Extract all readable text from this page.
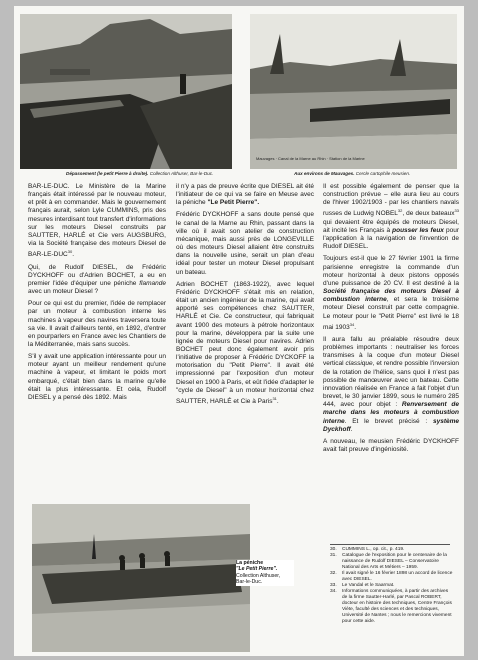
Dépassement (le petit Pierre à droite). Collection Althuser, Bar-le-Duc.
Mauvages · Canal de la Marne au Rhin · Station de la Marine
Aux environs de Mauvages. Cercle cartophile meusien.

BAR-LE-DUC. Le Ministère de la Marine français était intéressé par le nouveau moteur, et prêt à en commander. Mais le gouvernement français aurait, selon Lyle CUMMINS, pris des mesures interdisant tout transfert d'informations sur les moteurs Diesel construits par SAUTTER, HARLÉ et Cie vers AUGSBURG, via la Société française des moteurs Diesel de BAR-LE-DUC$^{30}$.

Qui, de Rudolf DIESEL, de Frédéric DYCKHOFF ou d'Adrien BOCHET, a eu en premier l'idée d'équiper une péniche flamande avec un moteur Diesel ?

Pour ce qui est du premier, l'idée de remplacer par un moteur à combustion interne les machines à vapeur des navires traversera toute sa vie. Il avait d'ailleurs tenté, en 1892, d'entrer en pourparlers en France avec les Chantiers de la Méditerranée, mais sans succès.

S'il y avait une application intéressante pour un moteur ayant un meilleur rendement qu'une machine à vapeur, et limitant le poids mort embarqué, c'était bien dans la marine qu'elle était la plus intéressante. Et cela, Rudolf DIESEL y a pensé dès 1892. Mais

il n'y a pas de preuve écrite que DIESEL ait été l'initiateur de ce qui va se faire en Meuse avec la péniche "Le Petit Pierre".

Frédéric DYCKHOFF a sans doute pensé que le canal de la Marne au Rhin, passant dans la ville où il avait son atelier de construction mécanique, mais aussi près de LONGEVILLE où des moteurs Diesel allaient être construits dans la nouvelle usine, serait un plan d'eau idéal pour tester un moteur Diesel propulsant un bateau.

Adrien BOCHET (1863-1922), avec lequel Frédéric DYCKHOFF s'était mis en relation, était un ancien ingénieur de la marine, qui avait apporté ses compétences chez SAUTTER, HARLÉ et Cie. Ce constructeur, qui fabriquait avant 1900 des moteurs à pétrole horizontaux pour la marine, développera par la suite une lignée de moteurs Diesel pour navires. Adrien BOCHET peut donc également avoir pris l'initiative de proposer à Frédéric DYCKOFF la motorisation du "Petit Pierre". Il avait été impressionné par l'exposition d'un moteur Diesel en 1900 à Paris, et eût l'idée d'adapter le "cycle de Diesel" à un moteur horizontal chez SAUTTER, HARLÉ et Cie à Paris$^{31}$.

Il est possible également de penser que la construction prévue – elle aura lieu au cours de l'hiver 1902/1903 - par les chantiers navals russes de Ludwig NOBEL$^{32}$, de deux bateaux$^{33}$ qui devaient être équipés de moteurs Diesel, ait incité les Français à pousser les feux pour l'application à la navigation de l'invention de Rudolf DIESEL.

Toujours est-il que le 27 février 1901 la firme parisienne enregistre la commande d'un moteur horizontal à deux pistons opposés d'une puissance de 20 CV. Il est destiné à la Société française des moteurs Diesel à combustion interne, et sera le troisième moteur Diesel construit par cette compagnie. Le moteur pour le "Petit Pierre" est livré le 18 mai 1903$^{34}$.

Il aura fallu au préalable résoudre deux problèmes importants : neutraliser les forces transmises à la coque d'un moteur Diesel vertical classique, et rendre possible l'inversion de la rotation de l'hélice, sans quoi il n'est pas possible de manœuvrer avec un bateau. Cette innovation réalisée en France a fait l'objet d'un brevet, le 30 janvier 1899, sous le numéro 285 444, avec pour objet : Renversement de marche dans les moteurs à combustion interne. Et le brevet précisé : système Dyckhoff.

A nouveau, le meusien Frédéric DYCKHOFF avait fait preuve d'ingéniosité.

La péniche
"Le Petit Pierre".
Collection Althuser,
Bar-le-Duc.
30.	CUMMINS L., op. cit., p. 419.
31.	Catalogue de l'exposition pour le centenaire de la naissance de Rudolf DIESEL – Conservatoire National des Arts et Métiers – 1959.
32.	Il avait signé le 16 février 1898 un accord de licence avec DIESEL.
33.	Le Vandal et le Saarmat.
34.	Informations communiquées, à partir des archives de la firme Sautter-Harlé, par Pascal ROBERT, docteur en histoire des techniques, Centre François Viète, faculté des sciences et des techniques, Université de Nantes ; nous le remercions vivement pour cette aide.
